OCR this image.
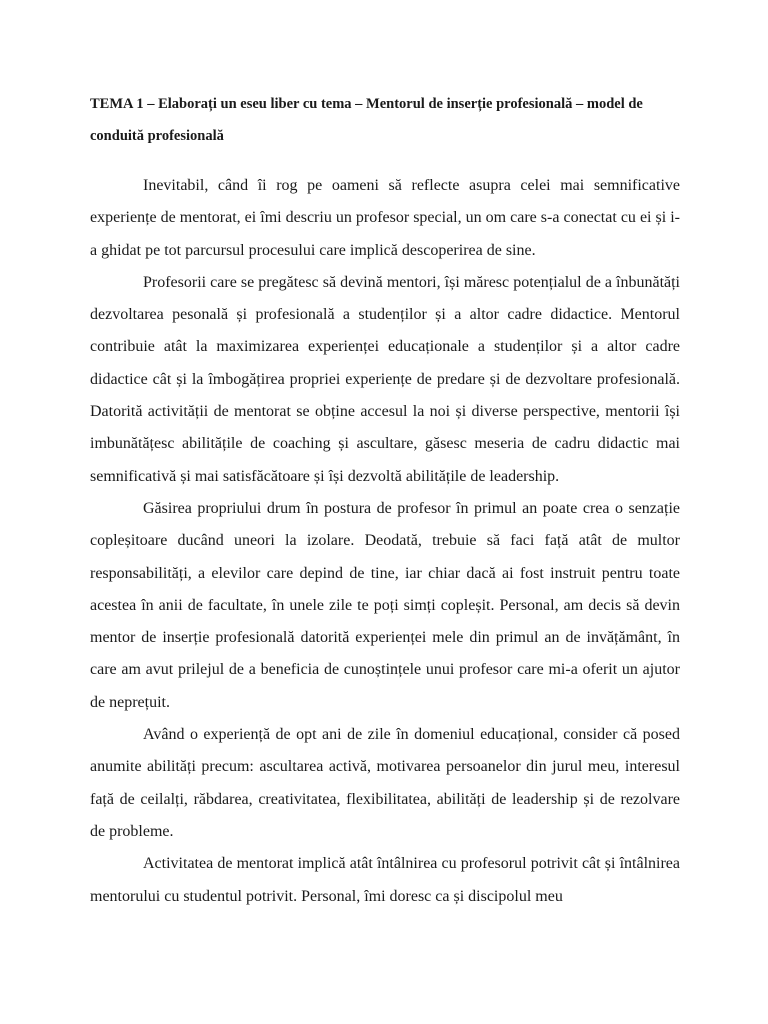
TEMA 1 – Elaborați un eseu liber cu tema – Mentorul de inserție profesională – model de conduită profesională

Inevitabil, când îi rog pe oameni să reflecte asupra celei mai semnificative experiențe de mentorat, ei îmi descriu un profesor special, un om care s-a conectat cu ei și i-a ghidat pe tot parcursul procesului care implică descoperirea de sine.

Profesorii care se pregătesc să devină mentori, își măresc potențialul de a înbunătăți dezvoltarea pesonală și profesională a studenților și a altor cadre didactice. Mentorul contribuie atât la maximizarea experienței educaționale a studenților și a altor cadre didactice cât și la îmbogățirea propriei experiențe de predare și de dezvoltare profesională. Datorită activității de mentorat se obține accesul la noi și diverse perspective, mentorii își imbunătățesc abilitățile de coaching și ascultare, găsesc meseria de cadru didactic mai semnificativă și mai satisfăcătoare și își dezvoltă abilitățile de leadership.

Găsirea propriului drum în postura de profesor în primul an poate crea o senzație copleșitoare ducând uneori la izolare. Deodată, trebuie să faci față atât de multor responsabilități, a elevilor care depind de tine, iar chiar dacă ai fost instruit pentru toate acestea în anii de facultate, în unele zile te poți simți copleșit. Personal, am decis să devin mentor de inserție profesională datorită experienței mele din primul an de invățământ, în care am avut prilejul de a beneficia de cunoștințele unui profesor care mi-a oferit un ajutor de neprețuit.

Având o experiență de opt ani de zile în domeniul educațional, consider că posed anumite abilități precum: ascultarea activă, motivarea persoanelor din jurul meu, interesul față de ceilalți, răbdarea, creativitatea, flexibilitatea, abilități de leadership și de rezolvare de probleme.

Activitatea de mentorat implică atât întâlnirea cu profesorul potrivit cât și întâlnirea mentorului cu studentul potrivit. Personal, îmi doresc ca și discipolul meu
